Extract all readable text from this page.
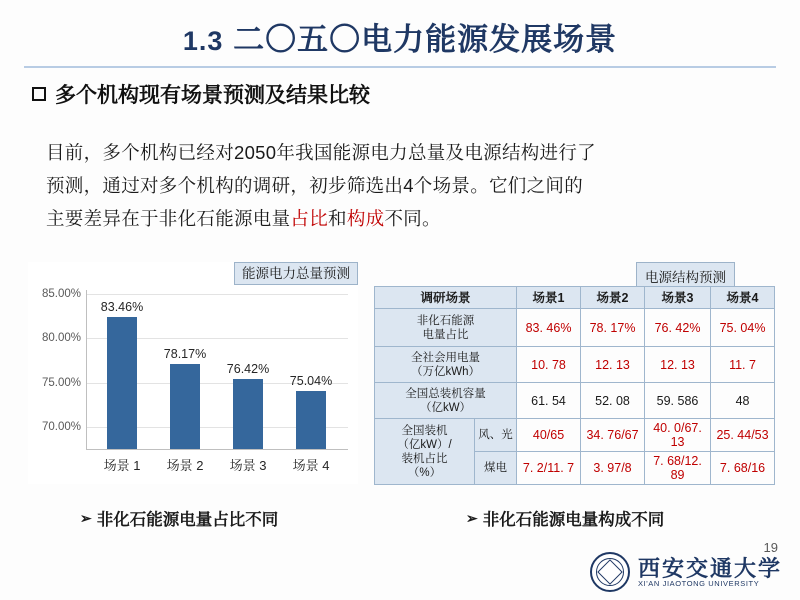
1.3 二〇五〇电力能源发展场景
多个机构现有场景预测及结果比较
目前，多个机构已经对2050年我国能源电力总量及电源结构进行了
预测，通过对多个机构的调研，初步筛选出4个场景。它们之间的
主要差异在于非化石能源电量占比和构成不同。
能源电力总量预测
70.00%
75.00%
80.00%
85.00%
83.46%
场景 1
78.17%
场景 2
76.42%
场景 3
75.04%
场景 4
电源结构预测
调研场景		场景1	场景2	场景3	场景4

非化石能源
电量占比		83. 46%	78. 17%	76. 42%	75. 04%

全社会用电量
（万亿kWh）		10. 78	12. 13	12. 13	11. 7

全国总装机容量
（亿kW）		61. 54	52. 08	59. 586	48

全国装机
（亿kW）/
装机占比
（%）	风、光	40/65	34. 76/67	40. 0/67. 13	25. 44/53
	煤电	7. 2/11. 7	3. 97/8	7. 68/12. 89	7. 68/16
➢ 非化石能源电量占比不同	➢ 非化石能源电量构成不同
19
西安交通大学
XI'AN JIAOTONG UNIVERSITY
